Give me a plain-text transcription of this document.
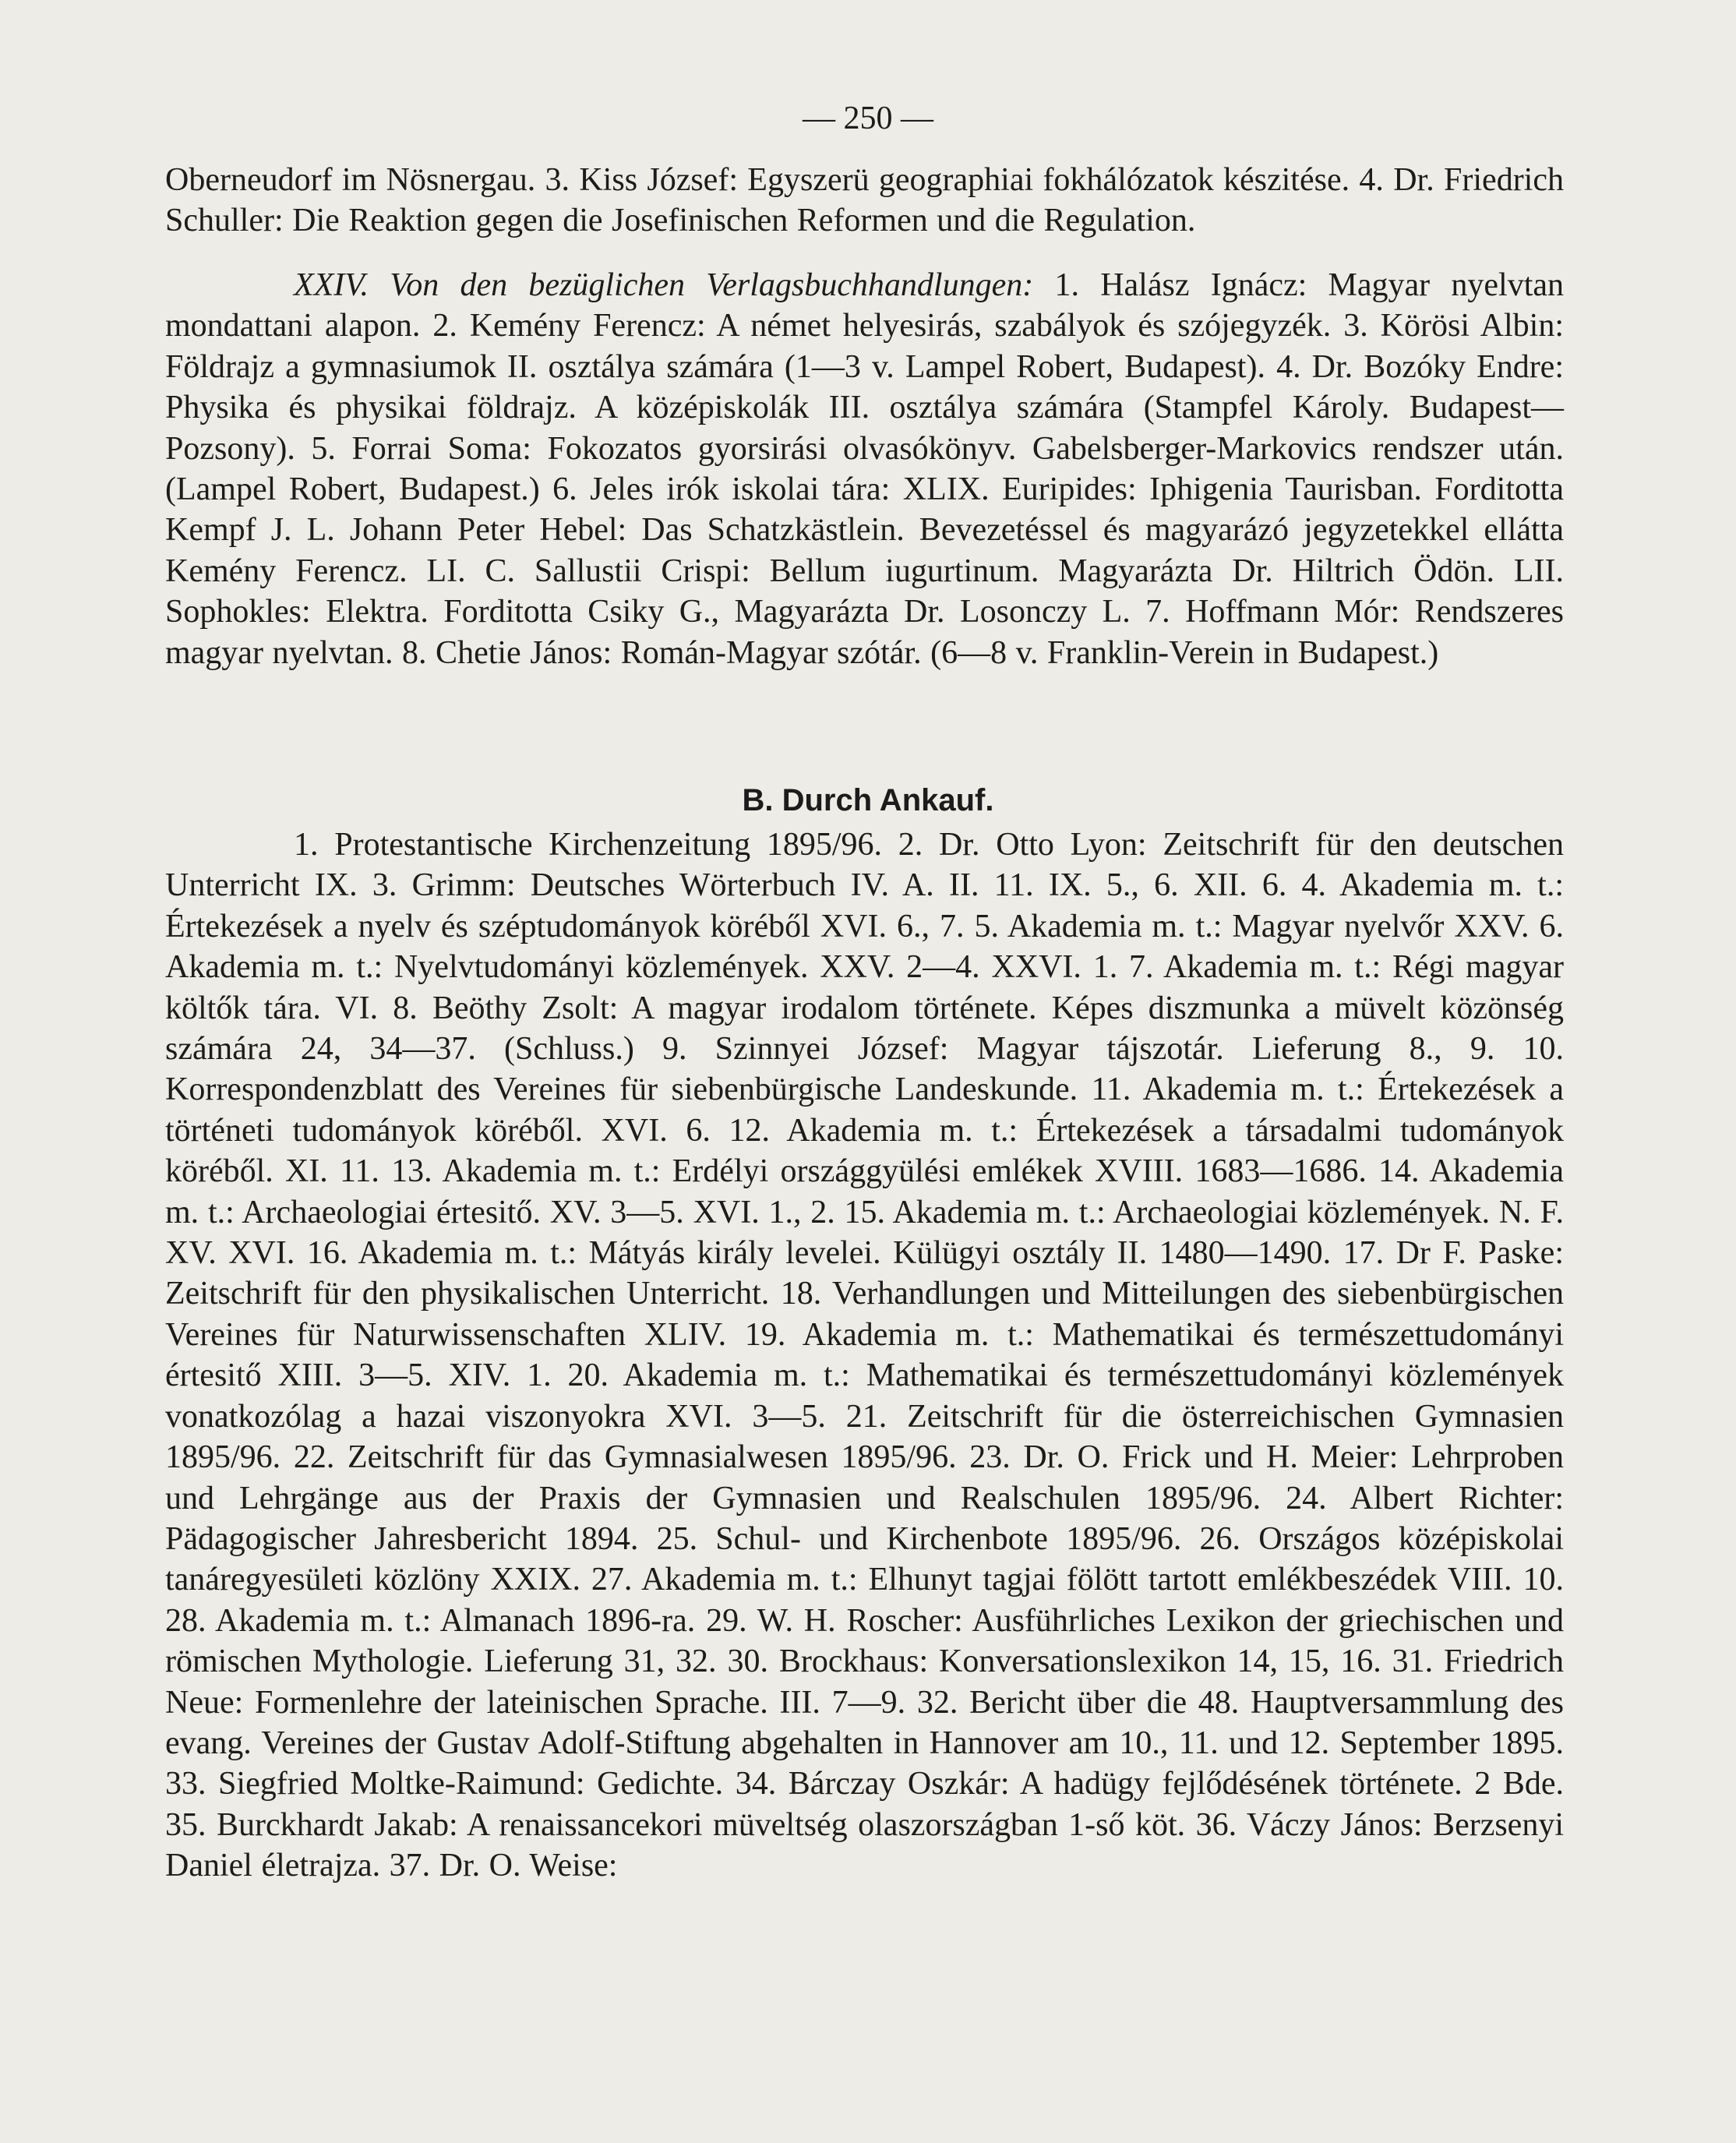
— 250 —

Oberneudorf im Nösnergau. 3. Kiss József: Egyszerü geographiai fokhálózatok készitése. 4. Dr. Friedrich Schuller: Die Reaktion gegen die Josefinischen Reformen und die Regulation.

XXIV. Von den bezüglichen Verlagsbuchhandlungen: 1. Halász Ignácz: Magyar nyelvtan mondattani alapon. 2. Kemény Ferencz: A német helyesirás, szabályok és szójegyzék. 3. Körösi Albin: Földrajz a gymnasiumok II. osztálya számára (1—3 v. Lampel Robert, Budapest). 4. Dr. Bozóky Endre: Physika és physikai földrajz. A középiskolák III. osztálya számára (Stampfel Károly. Budapest—Pozsony). 5. Forrai Soma: Fokozatos gyorsirási olvasókönyv. Gabelsberger-Markovics rendszer után. (Lampel Robert, Budapest.) 6. Jeles irók iskolai tára: XLIX. Euripides: Iphigenia Taurisban. Forditotta Kempf J. L. Johann Peter Hebel: Das Schatzkästlein. Bevezetéssel és magyarázó jegyzetekkel ellátta Kemény Ferencz. LI. C. Sallustii Crispi: Bellum iugurtinum. Magyarázta Dr. Hiltrich Ödön. LII. Sophokles: Elektra. Forditotta Csiky G., Magyarázta Dr. Losonczy L. 7. Hoffmann Mór: Rendszeres magyar nyelvtan. 8. Chetie János: Román-Magyar szótár. (6—8 v. Franklin-Verein in Budapest.)

B. Durch Ankauf.

1. Protestantische Kirchenzeitung 1895/96. 2. Dr. Otto Lyon: Zeitschrift für den deutschen Unterricht IX. 3. Grimm: Deutsches Wörterbuch IV. A. II. 11. IX. 5., 6. XII. 6. 4. Akademia m. t.: Értekezések a nyelv és széptudományok köréből XVI. 6., 7. 5. Akademia m. t.: Magyar nyelvőr XXV. 6. Akademia m. t.: Nyelvtudományi közlemények. XXV. 2—4. XXVI. 1. 7. Akademia m. t.: Régi magyar költők tára. VI. 8. Beöthy Zsolt: A magyar irodalom története. Képes diszmunka a müvelt közönség számára 24, 34—37. (Schluss.) 9. Szinnyei József: Magyar tájszotár. Lieferung 8., 9. 10. Korrespondenzblatt des Vereines für siebenbürgische Landeskunde. 11. Akademia m. t.: Értekezések a történeti tudományok köréből. XVI. 6. 12. Akademia m. t.: Értekezések a társadalmi tudományok köréből. XI. 11. 13. Akademia m. t.: Erdélyi országgyülési emlékek XVIII. 1683—1686. 14. Akademia m. t.: Archaeologiai értesitő. XV. 3—5. XVI. 1., 2. 15. Akademia m. t.: Archaeologiai közlemények. N. F. XV. XVI. 16. Akademia m. t.: Mátyás király levelei. Külügyi osztály II. 1480—1490. 17. Dr F. Paske: Zeitschrift für den physikalischen Unterricht. 18. Verhandlungen und Mitteilungen des siebenbürgischen Vereines für Naturwissenschaften XLIV. 19. Akademia m. t.: Mathematikai és természettudományi értesitő XIII. 3—5. XIV. 1. 20. Akademia m. t.: Mathematikai és természettudományi közlemények vonatkozólag a hazai viszonyokra XVI. 3—5. 21. Zeitschrift für die österreichischen Gymnasien 1895/96. 22. Zeitschrift für das Gymnasialwesen 1895/96. 23. Dr. O. Frick und H. Meier: Lehrproben und Lehrgänge aus der Praxis der Gymnasien und Realschulen 1895/96. 24. Albert Richter: Pädagogischer Jahresbericht 1894. 25. Schul- und Kirchenbote 1895/96. 26. Országos középiskolai tanáregyesületi közlöny XXIX. 27. Akademia m. t.: Elhunyt tagjai fölött tartott emlékbeszédek VIII. 10. 28. Akademia m. t.: Almanach 1896-ra. 29. W. H. Roscher: Ausführliches Lexikon der griechischen und römischen Mythologie. Lieferung 31, 32. 30. Brockhaus: Konversationslexikon 14, 15, 16. 31. Friedrich Neue: Formenlehre der lateinischen Sprache. III. 7—9. 32. Bericht über die 48. Hauptversammlung des evang. Vereines der Gustav Adolf-Stiftung abgehalten in Hannover am 10., 11. und 12. September 1895. 33. Siegfried Moltke-Raimund: Gedichte. 34. Bárczay Oszkár: A hadügy fejlődésének története. 2 Bde. 35. Burckhardt Jakab: A renaissancekori müveltség olaszországban 1-ső köt. 36. Váczy János: Berzsenyi Daniel életrajza. 37. Dr. O. Weise:
